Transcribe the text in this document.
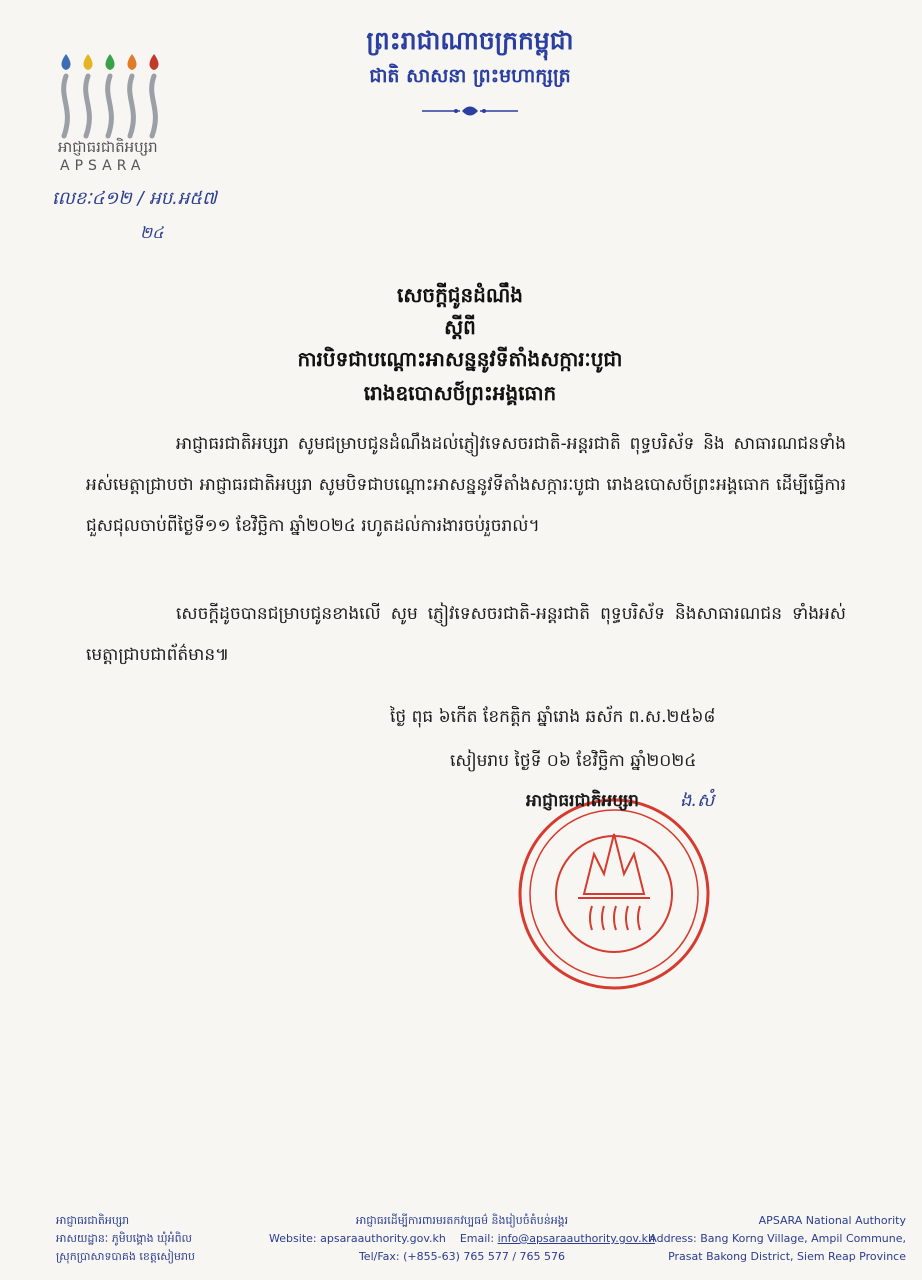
អាជ្ញាធរជាតិអប្សរា
APSARA
ព្រះរាជាណាចក្រកម្ពុជា
ជាតិ សាសនា ព្រះមហាក្សត្រ
លេខៈ៤១២ / អប.អ៥៧
២៤
សេចក្តីជូនដំណឹង
ស្តីពី
ការបិទជាបណ្តោះអាសន្ននូវទីតាំងសក្ការៈបូជា
រោងឧបោសថ៍ព្រះអង្គធោក
អាជ្ញាធរជាតិអប្សរា សូមជម្រាបជូនដំណឹងដល់ភ្ញៀវទេសចរជាតិ-អន្តរជាតិ ពុទ្ធបរិស័ទ និង សាធារណជនទាំងអស់មេត្តាជ្រាបថា អាជ្ញាធរជាតិអប្សរា សូមបិទជាបណ្តោះអាសន្ននូវទីតាំងសក្ការៈបូជា រោងឧបោសថ៍ព្រះអង្គធោក ដើម្បីធ្វើការជួសជុលចាប់ពីថ្ងៃទី១១ ខែវិច្ឆិកា ឆ្នាំ២០២៤ រហូតដល់ការងារចប់រួចរាល់។
សេចក្តីដូចបានជម្រាបជូនខាងលើ សូម ភ្ញៀវទេសចរជាតិ-អន្តរជាតិ ពុទ្ធបរិស័ទ និងសាធារណជន ទាំងអស់មេត្តាជ្រាបជាព័ត៌មាន៕
ថ្ងៃ ពុធ ៦កើត ខែកត្តិក ឆ្នាំរោង ឆស័ក ព.ស.២៥៦៨
សៀមរាប ថ្ងៃទី ០៦ ខែវិច្ឆិកា ឆ្នាំ២០២៤
អាជ្ញាធរជាតិអប្សរា ង.សំ
អាជ្ញាធរជាតិអប្សរា
អាសយដ្ឋានៈ ភូមិបង្គោង ឃុំអំពិល
ស្រុកប្រាសាទបាគង ខេត្តសៀមរាប
អាជ្ញាធរដើម្បីការពារមរតកវប្បធម៌ និងរៀបចំតំបន់អង្គរ
Website: apsaraauthority.gov.kh Email: info@apsaraauthority.gov.kh
Tel/Fax: (+855-63) 765 577 / 765 576
APSARA National Authority
Address: Bang Korng Village, Ampil Commune,
Prasat Bakong District, Siem Reap Province
